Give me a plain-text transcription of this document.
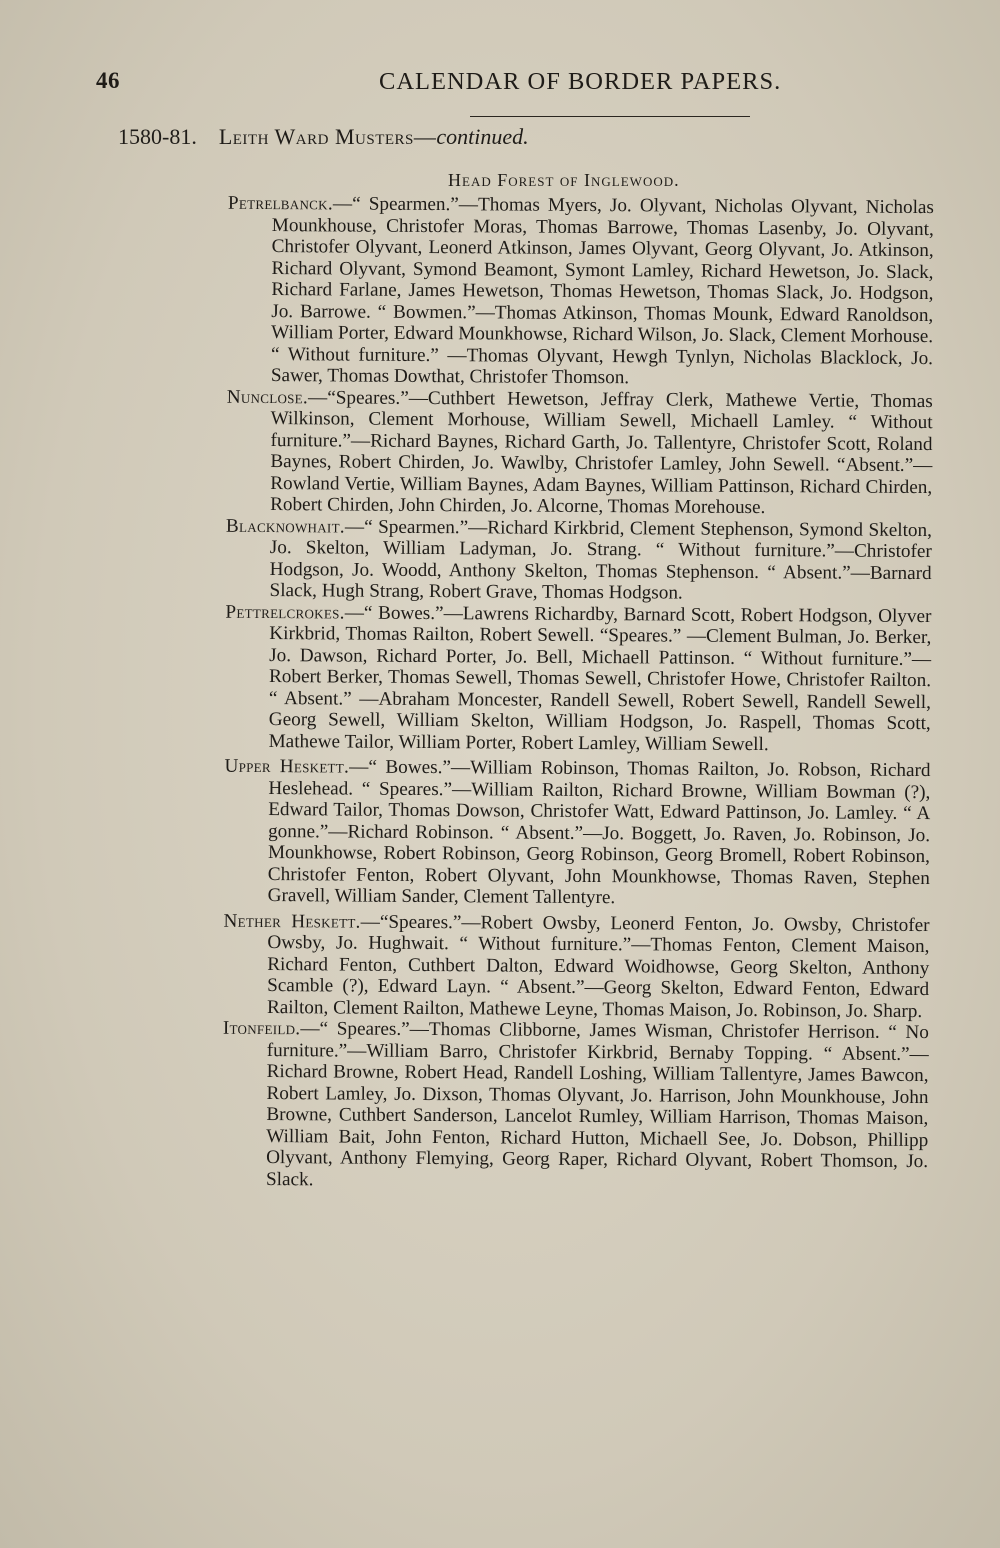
46	CALENDAR OF BORDER PAPERS.
1580-81. Leith Ward Musters—continued.
Head Forest of Inglewood.

Petrelbanck.—“ Spearmen.”—Thomas Myers, Jo. Olyvant, Nicholas Olyvant, Nicholas Mounkhouse, Christofer Moras, Thomas Barrowe, Thomas Lasenby, Jo. Olyvant, Christofer Olyvant, Leonerd Atkinson, James Olyvant, Georg Olyvant, Jo. Atkinson, Richard Olyvant, Symond Beamont, Symont Lamley, Richard Hewetson, Jo. Slack, Richard Farlane, James Hewetson, Thomas Hewetson, Thomas Slack, Jo. Hodgson, Jo. Barrowe. “ Bowmen.”—Thomas Atkinson, Thomas Mounk, Edward Ranoldson, William Porter, Edward Mounkhowse, Richard Wilson, Jo. Slack, Clement Morhouse. “ Without furniture.” —Thomas Olyvant, Hewgh Tynlyn, Nicholas Blacklock, Jo. Sawer, Thomas Dowthat, Christofer Thomson.

Nunclose.—“Speares.”—Cuthbert Hewetson, Jeffray Clerk, Mathewe Vertie, Thomas Wilkinson, Clement Morhouse, William Sewell, Michaell Lamley. “ Without furniture.”—Richard Baynes, Richard Garth, Jo. Tallentyre, Christofer Scott, Roland Baynes, Robert Chirden, Jo. Wawlby, Christofer Lamley, John Sewell. “Absent.”—Rowland Vertie, William Baynes, Adam Baynes, William Pattinson, Richard Chirden, Robert Chirden, John Chirden, Jo. Alcorne, Thomas Morehouse.

Blacknowhait.—“ Spearmen.”—Richard Kirkbrid, Clement Stephenson, Symond Skelton, Jo. Skelton, William Ladyman, Jo. Strang. “ Without furniture.”—Christofer Hodgson, Jo. Woodd, Anthony Skelton, Thomas Stephenson. “ Absent.”—Barnard Slack, Hugh Strang, Robert Grave, Thomas Hodgson.

Pettrelcrokes.—“ Bowes.”—Lawrens Richardby, Barnard Scott, Robert Hodgson, Olyver Kirkbrid, Thomas Railton, Robert Sewell. “Speares.” —Clement Bulman, Jo. Berker, Jo. Dawson, Richard Porter, Jo. Bell, Michaell Pattinson. “ Without furniture.”—Robert Berker, Thomas Sewell, Thomas Sewell, Christofer Howe, Christofer Railton. “ Absent.” —Abraham Moncester, Randell Sewell, Robert Sewell, Randell Sewell, Georg Sewell, William Skelton, William Hodgson, Jo. Raspell, Thomas Scott, Mathewe Tailor, William Porter, Robert Lamley, William Sewell.

Upper Heskett.—“ Bowes.”—William Robinson, Thomas Railton, Jo. Robson, Richard Heslehead. “ Speares.”—William Railton, Richard Browne, William Bowman (?), Edward Tailor, Thomas Dowson, Christofer Watt, Edward Pattinson, Jo. Lamley. “ A gonne.”—Richard Robinson. “ Absent.”—Jo. Boggett, Jo. Raven, Jo. Robinson, Jo. Mounkhowse, Robert Robinson, Georg Robinson, Georg Bromell, Robert Robinson, Christofer Fenton, Robert Olyvant, John Mounkhowse, Thomas Raven, Stephen Gravell, William Sander, Clement Tallentyre.

Nether Heskett.—“Speares.”—Robert Owsby, Leonerd Fenton, Jo. Owsby, Christofer Owsby, Jo. Hughwait. “ Without furniture.”—Thomas Fenton, Clement Maison, Richard Fenton, Cuthbert Dalton, Edward Woidhowse, Georg Skelton, Anthony Scamble (?), Edward Layn. “ Absent.”—Georg Skelton, Edward Fenton, Edward Railton, Clement Railton, Mathewe Leyne, Thomas Maison, Jo. Robinson, Jo. Sharp.

Itonfeild.—“ Speares.”—Thomas Clibborne, James Wisman, Christofer Herrison. “ No furniture.”—William Barro, Christofer Kirkbrid, Bernaby Topping. “ Absent.”—Richard Browne, Robert Head, Randell Loshing, William Tallentyre, James Bawcon, Robert Lamley, Jo. Dixson, Thomas Olyvant, Jo. Harrison, John Mounkhouse, John Browne, Cuthbert Sanderson, Lancelot Rumley, William Harrison, Thomas Maison, William Bait, John Fenton, Richard Hutton, Michaell See, Jo. Dobson, Phillipp Olyvant, Anthony Flemying, Georg Raper, Richard Olyvant, Robert Thomson, Jo. Slack.
